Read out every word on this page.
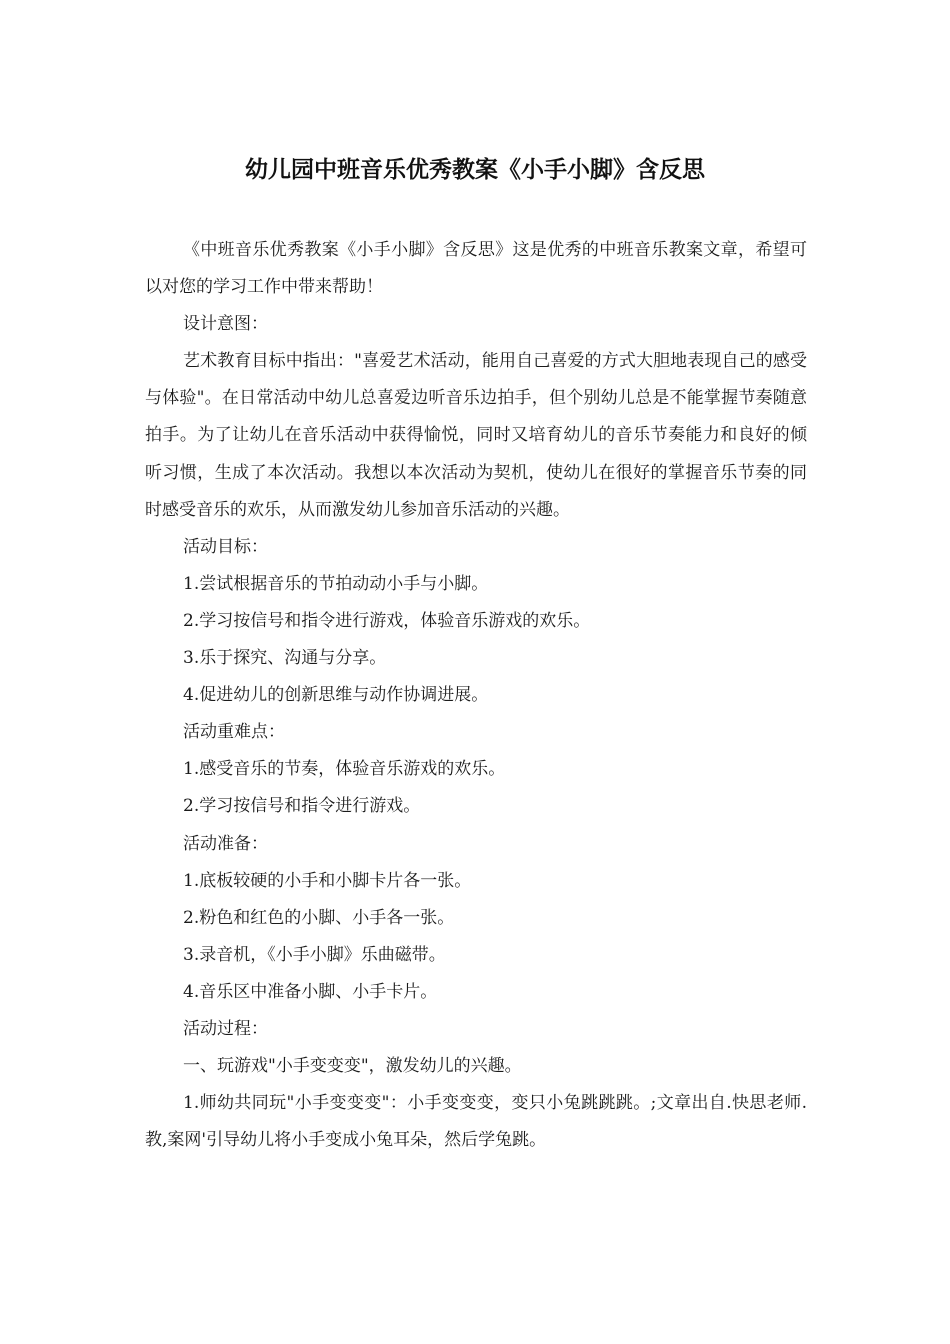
幼儿园中班音乐优秀教案《小手小脚》含反思

《中班音乐优秀教案《小手小脚》含反思》这是优秀的中班音乐教案文章，希望可以对您的学习工作中带来帮助！

设计意图：

艺术教育目标中指出："喜爱艺术活动，能用自己喜爱的方式大胆地表现自己的感受与体验"。在日常活动中幼儿总喜爱边听音乐边拍手，但个别幼儿总是不能掌握节奏随意拍手。为了让幼儿在音乐活动中获得愉悦，同时又培育幼儿的音乐节奏能力和良好的倾听习惯，生成了本次活动。我想以本次活动为契机，使幼儿在很好的掌握音乐节奏的同时感受音乐的欢乐，从而激发幼儿参加音乐活动的兴趣。

活动目标：

1.尝试根据音乐的节拍动动小手与小脚。

2.学习按信号和指令进行游戏，体验音乐游戏的欢乐。

3.乐于探究、沟通与分享。

4.促进幼儿的创新思维与动作协调进展。

活动重难点：

1.感受音乐的节奏，体验音乐游戏的欢乐。

2.学习按信号和指令进行游戏。

活动准备：

1.底板较硬的小手和小脚卡片各一张。

2.粉色和红色的小脚、小手各一张。

3.录音机，《小手小脚》乐曲磁带。

4.音乐区中准备小脚、小手卡片。

活动过程：

一、玩游戏"小手变变变"，激发幼儿的兴趣。

1.师幼共同玩"小手变变变"：小手变变变，变只小兔跳跳跳。;文章出自.快思老师.教,案网'引导幼儿将小手变成小兔耳朵，然后学兔跳。
